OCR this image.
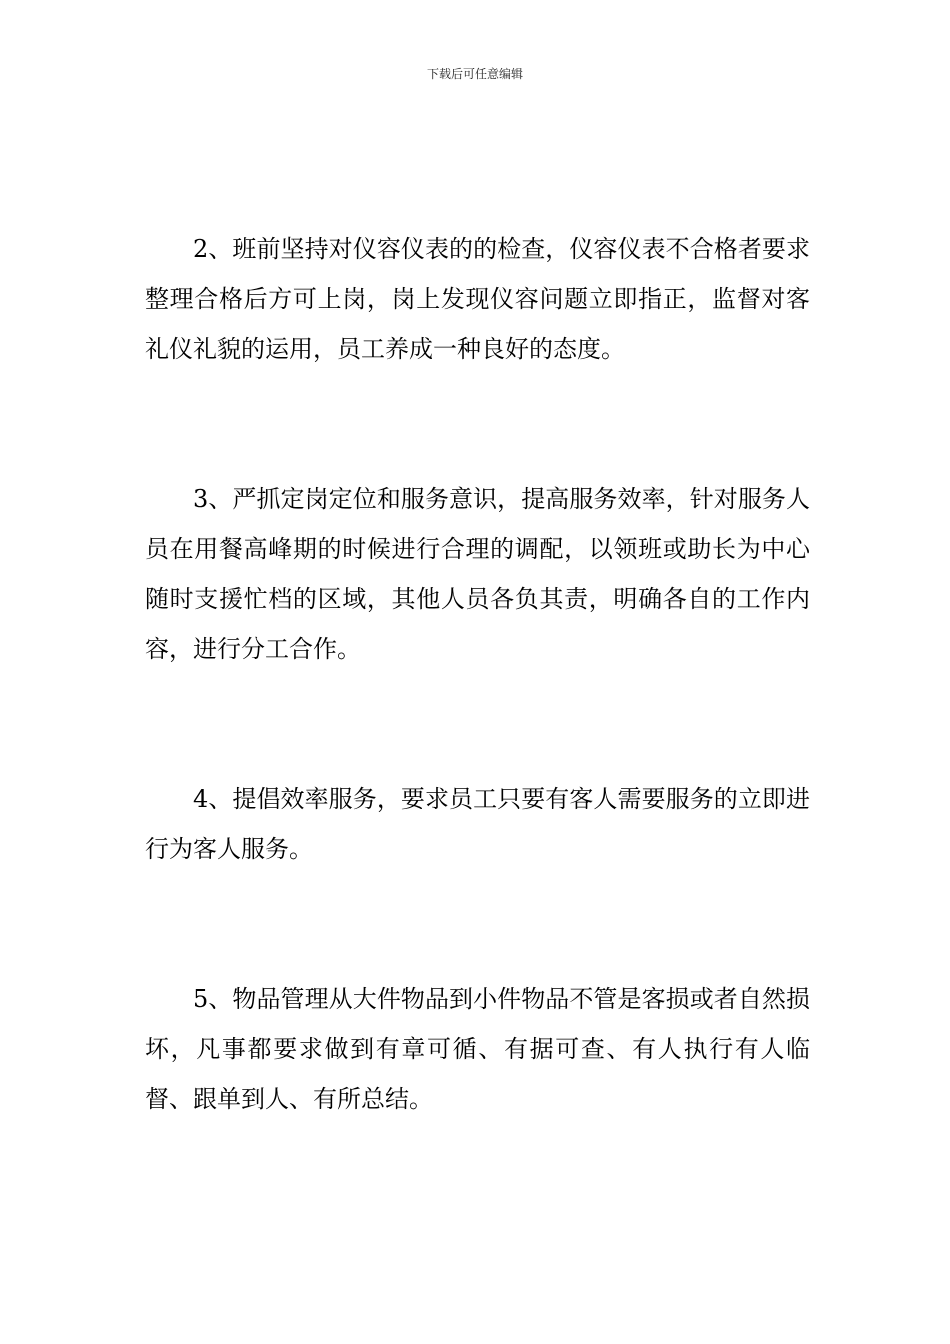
下载后可任意编辑

2、班前坚持对仪容仪表的的检查，仪容仪表不合格者要求整理合格后方可上岗，岗上发现仪容问题立即指正，监督对客礼仪礼貌的运用，员工养成一种良好的态度。

3、严抓定岗定位和服务意识，提高服务效率，针对服务人员在用餐高峰期的时候进行合理的调配，以领班或助长为中心随时支援忙档的区域，其他人员各负其责，明确各自的工作内容，进行分工合作。

4、提倡效率服务，要求员工只要有客人需要服务的立即进行为客人服务。

5、物品管理从大件物品到小件物品不管是客损或者自然损坏，凡事都要求做到有章可循、有据可查、有人执行有人临督、跟单到人、有所总结。
